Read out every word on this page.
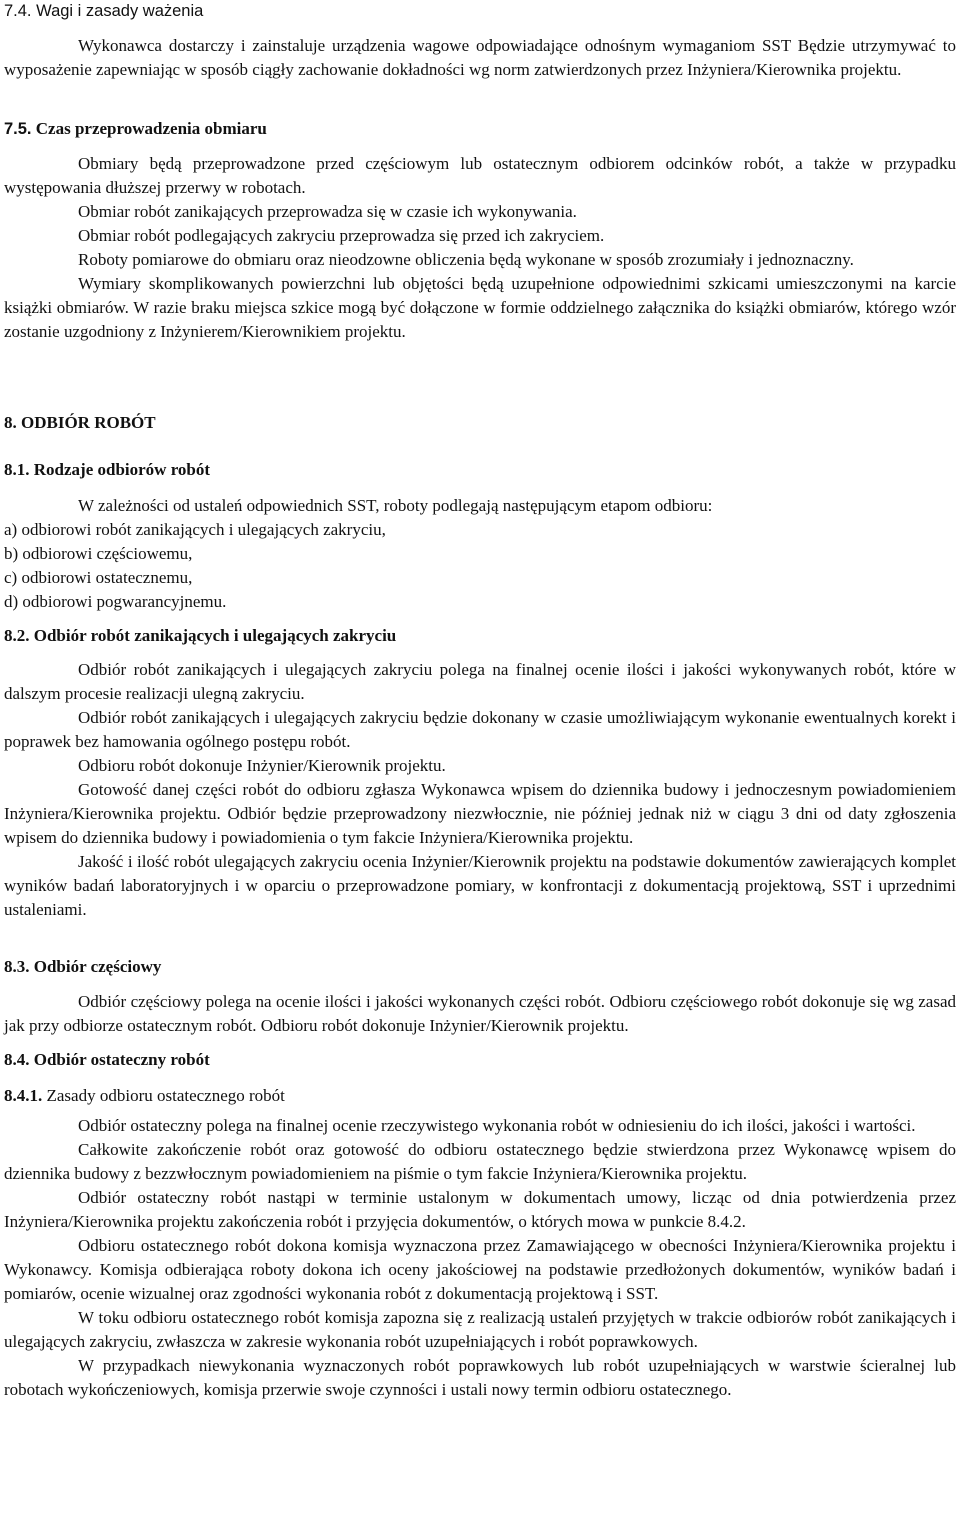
7.4. Wagi i zasady ważenia

Wykonawca dostarczy i zainstaluje urządzenia wagowe odpowiadające odnośnym wymaganiom SST Będzie utrzymywać to wyposażenie zapewniając w sposób ciągły zachowanie dokładności wg norm zatwierdzonych przez Inżyniera/Kierownika projektu.

7.5. Czas przeprowadzenia obmiaru

Obmiary będą przeprowadzone przed częściowym lub ostatecznym odbiorem odcinków robót, a także w przypadku występowania dłuższej przerwy w robotach.

Obmiar robót zanikających przeprowadza się w czasie ich wykonywania.

Obmiar robót podlegających zakryciu przeprowadza się przed ich zakryciem.

Roboty pomiarowe do obmiaru oraz nieodzowne obliczenia będą wykonane w sposób zrozumiały i jednoznaczny.

Wymiary skomplikowanych powierzchni lub objętości będą uzupełnione odpowiednimi szkicami umieszczonymi na karcie książki obmiarów. W razie braku miejsca szkice mogą być dołączone w formie oddzielnego załącznika do książki obmiarów, którego wzór zostanie uzgodniony z Inżynierem/Kierownikiem projektu.

8. ODBIÓR ROBÓT
8.1. Rodzaje odbiorów robót

W zależności od ustaleń odpowiednich SST, roboty podlegają następującym etapom odbioru:

a) odbiorowi robót zanikających i ulegających zakryciu,

b) odbiorowi częściowemu,

c) odbiorowi ostatecznemu,

d) odbiorowi pogwarancyjnemu.

8.2. Odbiór robót zanikających i ulegających zakryciu

Odbiór robót zanikających i ulegających zakryciu polega na finalnej ocenie ilości i jakości wykonywanych robót, które w dalszym procesie realizacji ulegną zakryciu.

Odbiór robót zanikających i ulegających zakryciu będzie dokonany w czasie umożliwiającym wykonanie ewentualnych korekt i poprawek bez hamowania ogólnego postępu robót.

Odbioru robót dokonuje Inżynier/Kierownik projektu.

Gotowość danej części robót do odbioru zgłasza Wykonawca wpisem do dziennika budowy i jednoczesnym powiadomieniem Inżyniera/Kierownika projektu. Odbiór będzie przeprowadzony niezwłocznie, nie później jednak niż w ciągu 3 dni od daty zgłoszenia wpisem do dziennika budowy i powiadomienia o tym fakcie Inżyniera/Kierownika projektu.

Jakość i ilość robót ulegających zakryciu ocenia Inżynier/Kierownik projektu na podstawie dokumentów zawierających komplet wyników badań laboratoryjnych i w oparciu o przeprowadzone pomiary, w konfrontacji z dokumentacją projektową, SST i uprzednimi ustaleniami.

8.3. Odbiór częściowy

Odbiór częściowy polega na ocenie ilości i jakości wykonanych części robót. Odbioru częściowego robót dokonuje się wg zasad jak przy odbiorze ostatecznym robót. Odbioru robót dokonuje Inżynier/Kierownik projektu.

8.4. Odbiór ostateczny robót
8.4.1. Zasady odbioru ostatecznego robót

Odbiór ostateczny polega na finalnej ocenie rzeczywistego wykonania robót w odniesieniu do ich ilości, jakości i wartości.

Całkowite zakończenie robót oraz gotowość do odbioru ostatecznego będzie stwierdzona przez Wykonawcę wpisem do dziennika budowy z bezzwłocznym powiadomieniem na piśmie o tym fakcie Inżyniera/Kierownika projektu.

Odbiór ostateczny robót nastąpi w terminie ustalonym w dokumentach umowy, licząc od dnia potwierdzenia przez Inżyniera/Kierownika projektu zakończenia robót i przyjęcia dokumentów, o których mowa w punkcie 8.4.2.

Odbioru ostatecznego robót dokona komisja wyznaczona przez Zamawiającego w obecności Inżyniera/Kierownika projektu i Wykonawcy. Komisja odbierająca roboty dokona ich oceny jakościowej na podstawie przedłożonych dokumentów, wyników badań i pomiarów, ocenie wizualnej oraz zgodności wykonania robót z dokumentacją projektową i SST.

W toku odbioru ostatecznego robót komisja zapozna się z realizacją ustaleń przyjętych w trakcie odbiorów robót zanikających i ulegających zakryciu, zwłaszcza w zakresie wykonania robót uzupełniających i robót poprawkowych.

W przypadkach niewykonania wyznaczonych robót poprawkowych lub robót uzupełniających w warstwie ścieralnej lub robotach wykończeniowych, komisja przerwie swoje czynności i ustali nowy termin odbioru ostatecznego.
